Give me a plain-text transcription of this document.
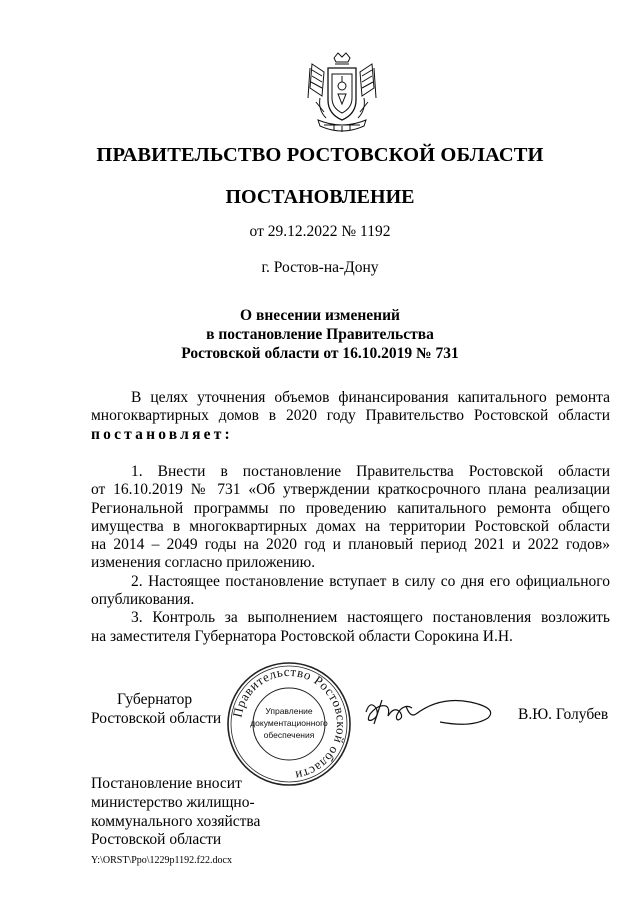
ПРАВИТЕЛЬСТВО РОСТОВСКОЙ ОБЛАСТИ
ПОСТАНОВЛЕНИЕ
от 29.12.2022 № 1192
г. Ростов-на-Дону
О внесении изменений
в постановление Правительства
Ростовской области от 16.10.2019 № 731
В целях уточнения объемов финансирования капитального ремонта
многоквартирных домов в 2020 году Правительство Ростовской области
постановляет:
1. Внести в постановление Правительства Ростовской области
от 16.10.2019 № 731 «Об утверждении краткосрочного плана реализации
Региональной программы по проведению капитального ремонта общего
имущества в многоквартирных домах на территории Ростовской области
на 2014 – 2049 годы на 2020 год и плановый период 2021 и 2022 годов»
изменения согласно приложению.
2. Настоящее постановление вступает в силу со дня его официального
опубликования.
3. Контроль за выполнением настоящего постановления возложить
на заместителя Губернатора Ростовской области Сорокина И.Н.
Губернатор
Ростовской области Правительство Ростовской области
Управление
документационного
обеспечения
В.Ю. Голубев
Постановление вносит
министерство жилищно-
коммунального хозяйства
Ростовской области
Y:\ORST\Ppo\1229p1192.f22.docx
